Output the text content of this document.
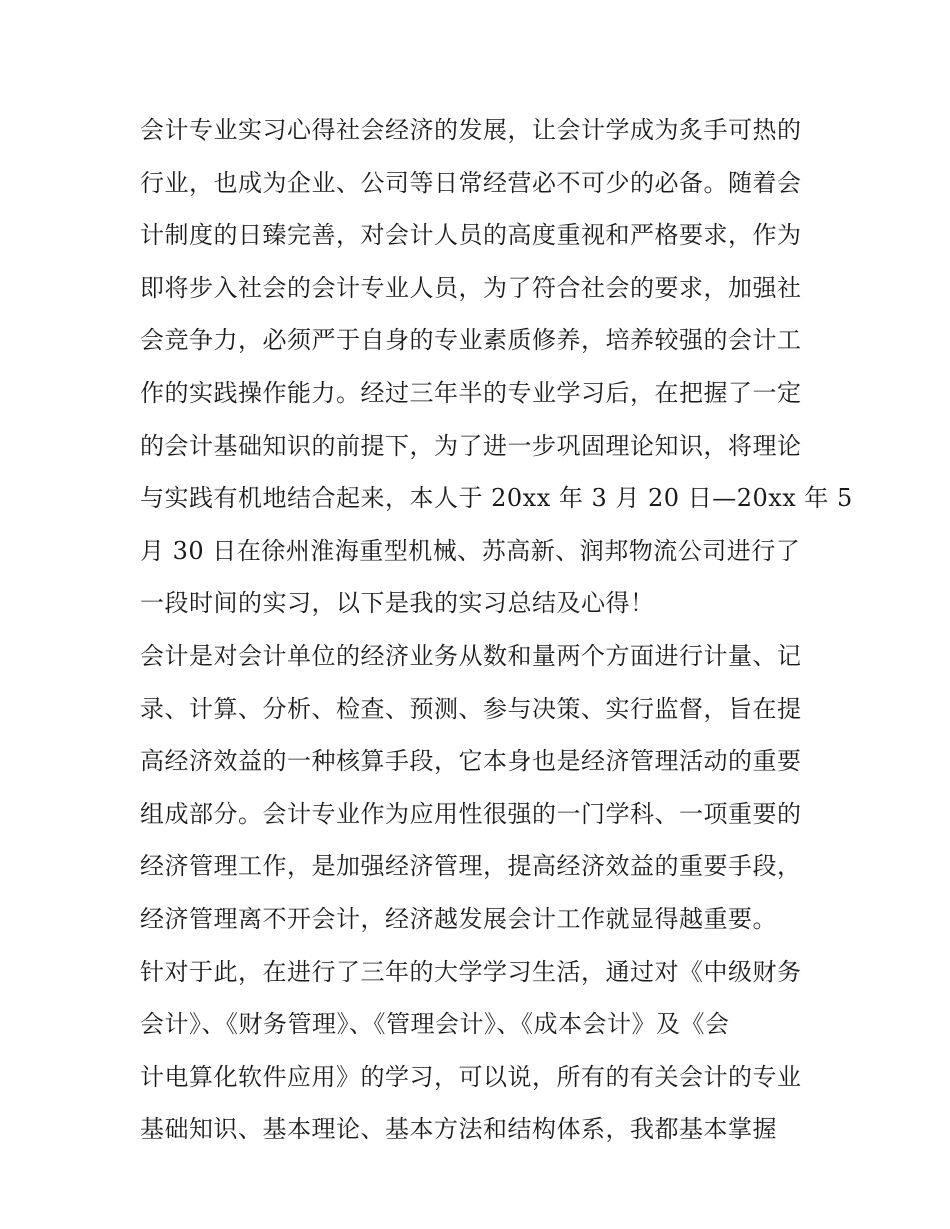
会计专业实习心得社会经济的发展，让会计学成为炙手可热的

行业，也成为企业、公司等日常经营必不可少的必备。随着会

计制度的日臻完善，对会计人员的高度重视和严格要求，作为

即将步入社会的会计专业人员，为了符合社会的要求，加强社

会竞争力，必须严于自身的专业素质修养，培养较强的会计工

作的实践操作能力。经过三年半的专业学习后，在把握了一定

的会计基础知识的前提下，为了进一步巩固理论知识，将理论

与实践有机地结合起来，本人于 20xx 年 3 月 20 日—20xx 年 5

月 30 日在徐州淮海重型机械、苏高新、润邦物流公司进行了

一段时间的实习，以下是我的实习总结及心得！

会计是对会计单位的经济业务从数和量两个方面进行计量、记

录、计算、分析、检查、预测、参与决策、实行监督，旨在提

高经济效益的一种核算手段，它本身也是经济管理活动的重要

组成部分。会计专业作为应用性很强的一门学科、一项重要的

经济管理工作，是加强经济管理，提高经济效益的重要手段，

经济管理离不开会计，经济越发展会计工作就显得越重要。

针对于此，在进行了三年的大学学习生活，通过对《中级财务

会计》、《财务管理》、《管理会计》、《成本会计》及《会

计电算化软件应用》的学习，可以说，所有的有关会计的专业

基础知识、基本理论、基本方法和结构体系，我都基本掌握
